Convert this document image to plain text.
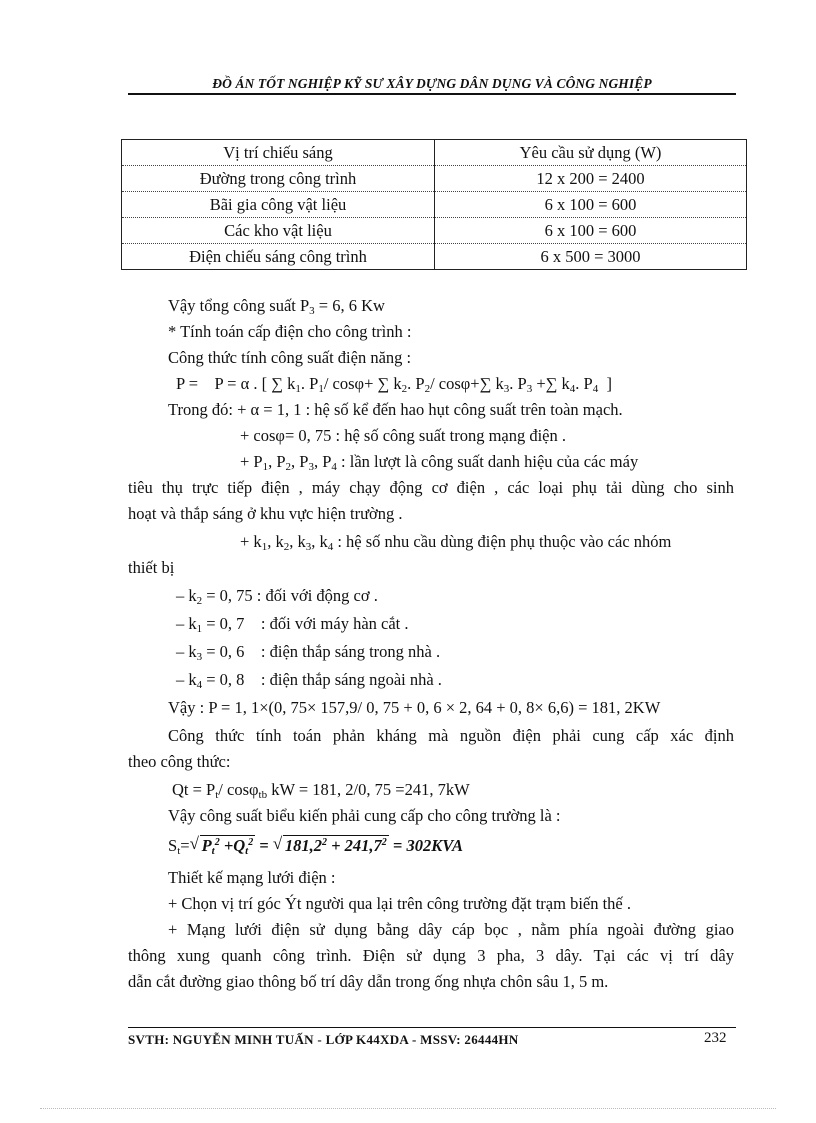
ĐỒ ÁN TỐT NGHIỆP KỸ SƯ XÂY DỰNG DÂN DỤNG VÀ CÔNG NGHIỆP
Vị trí chiếu sáng	Yêu cầu sử dụng (W)
Đường trong công trình	12 x 200 = 2400
Bãi gia công vật liệu	6 x 100 = 600
Các kho vật liệu	6 x 100 = 600
Điện chiếu sáng công trình	6 x 500 = 3000
Vậy tổng công suất $P_3 = 6$, 6 Kw
* Tính toán cấp điện cho công trình :
Công thức tính công suất điện năng :
P =    P = α . [ ∑ $k_1$. $P_1/$ cosφ+ ∑ $k_2$. $P_2/$ cosφ+∑ $k_3$. $P_3$ +∑ $k_4$. $P_4$  ]
Trong đó: + α = 1, 1 : hệ số kể đến hao hụt công suất trên toàn mạch.
+ cosφ= 0, 75 : hệ số công suất trong mạng điện .
+ $P_1$, $P_2$, $P_3$, $P_4$ : lần lượt là công suất danh hiệu của các máy
tiêu thụ trực tiếp điện , máy chạy động cơ điện , các loại phụ tải dùng cho sinh
hoạt và thắp sáng ở khu vực hiện trường .
+ $k_1$, $k_2$, $k_3$, $k_4$ : hệ số nhu cầu dùng điện phụ thuộc vào các nhóm
thiết bị
– $k_2 = 0$, 75 : đối với động cơ .
– $k_1 = 0$, 7    : đối với máy hàn cắt .
– $k_3 = 0$, 6    : điện thắp sáng trong nhà .
– $k_4 = 0$, 8    : điện thắp sáng ngoài nhà .
Vậy : P = 1, 1×(0, 75× 157,9/ 0, 75 + 0, 6 × 2, 64 + 0, 8× 6,6) = 181, 2KW
Công thức tính toán phản kháng mà nguồn điện phải cung cấp xác định
theo công thức:
$Qt = P_t/$ cosφ$_{tb}$ kW = 181, 2/0, 75 =241, 7kW
Vậy công suất biểu kiến phải cung cấp cho công trường là :
$S_t=$ √ $P_t^2 +Q_t^2$ = √ $181,2^2 + 241,7^2 = 302KVA$
Thiết kế mạng lưới điện :
+ Chọn vị trí góc Ýt người qua lại trên công trường đặt trạm biến thế .
+ Mạng lưới điện sử dụng bằng dây cáp bọc , nằm phía ngoài đường giao
thông xung quanh công trình. Điện sử dụng 3 pha, 3 dây. Tại các vị trí dây
dẫn cắt đường giao thông bố trí dây dẫn trong ống nhựa chôn sâu 1, 5 m.
SVTH: NGUYỄN MINH TUẤN - LỚP K44XDA - MSSV: 26444HN	232
